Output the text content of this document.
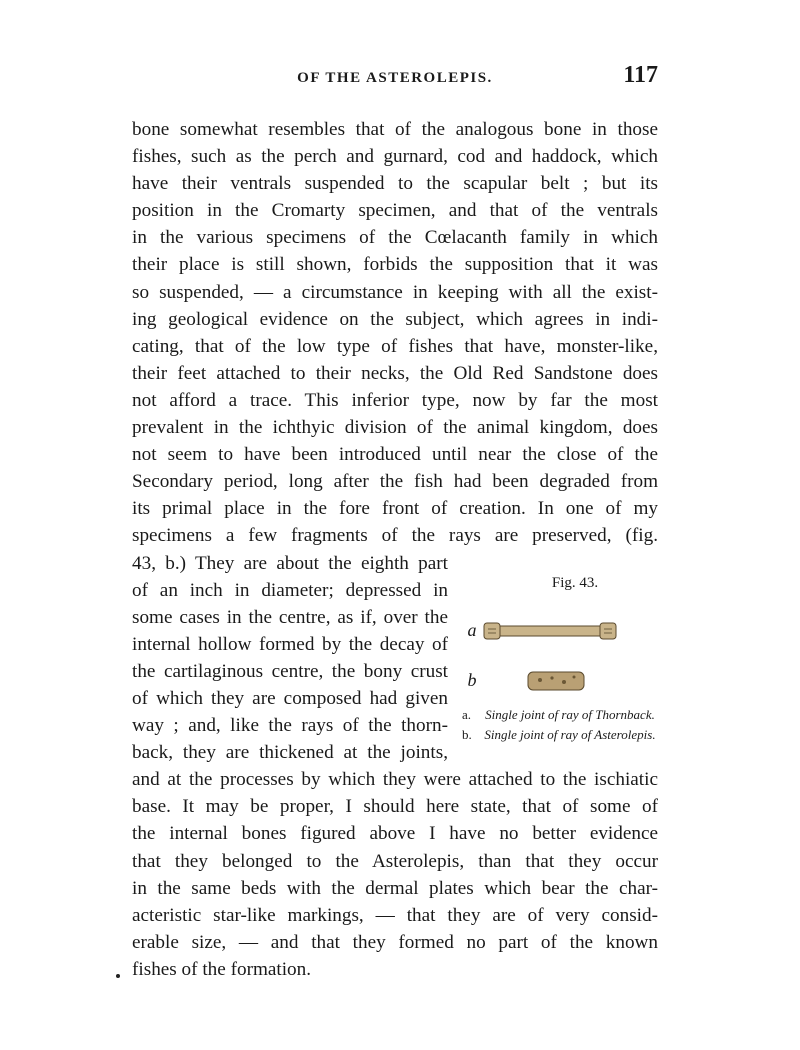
OF THE ASTEROLEPIS.	117
bone somewhat resembles that of the analogous bone in those
fishes, such as the perch and gurnard, cod and haddock, which
have their ventrals suspended to the scapular belt ; but its
position in the Cromarty specimen, and that of the ventrals
in the various specimens of the Cœlacanth family in which
their place is still shown, forbids the supposition that it was
so suspended, — a circumstance in keeping with all the exist-
ing geological evidence on the subject, which agrees in indi-
cating, that of the low type of fishes that have, monster-like,
their feet attached to their necks, the Old Red Sandstone does
not afford a trace. This inferior type, now by far the most
prevalent in the ichthyic division of the animal kingdom, does
not seem to have been introduced until near the close of the
Secondary period, long after the fish had been degraded from
its primal place in the fore front of creation. In one of my
specimens a few fragments of the rays are preserved, (fig.
Fig. 43.
a
b
a.	Single joint of ray of Thornback.
b. Single joint of ray of Asterolepis.
43, b.) They are about the eighth part
of an inch in diameter; depressed in
some cases in the centre, as if, over the
internal hollow formed by the decay of
the cartilaginous centre, the bony crust
of which they are composed had given
way ; and, like the rays of the thorn-
back, they are thickened at the joints,
and at the processes by which they were attached to the ischiatic
base. It may be proper, I should here state, that of some of
the internal bones figured above I have no better evidence
that they belonged to the Asterolepis, than that they occur
in the same beds with the dermal plates which bear the char-
acteristic star-like markings, — that they are of very consid-
erable size, — and that they formed no part of the known
fishes of the formation.
